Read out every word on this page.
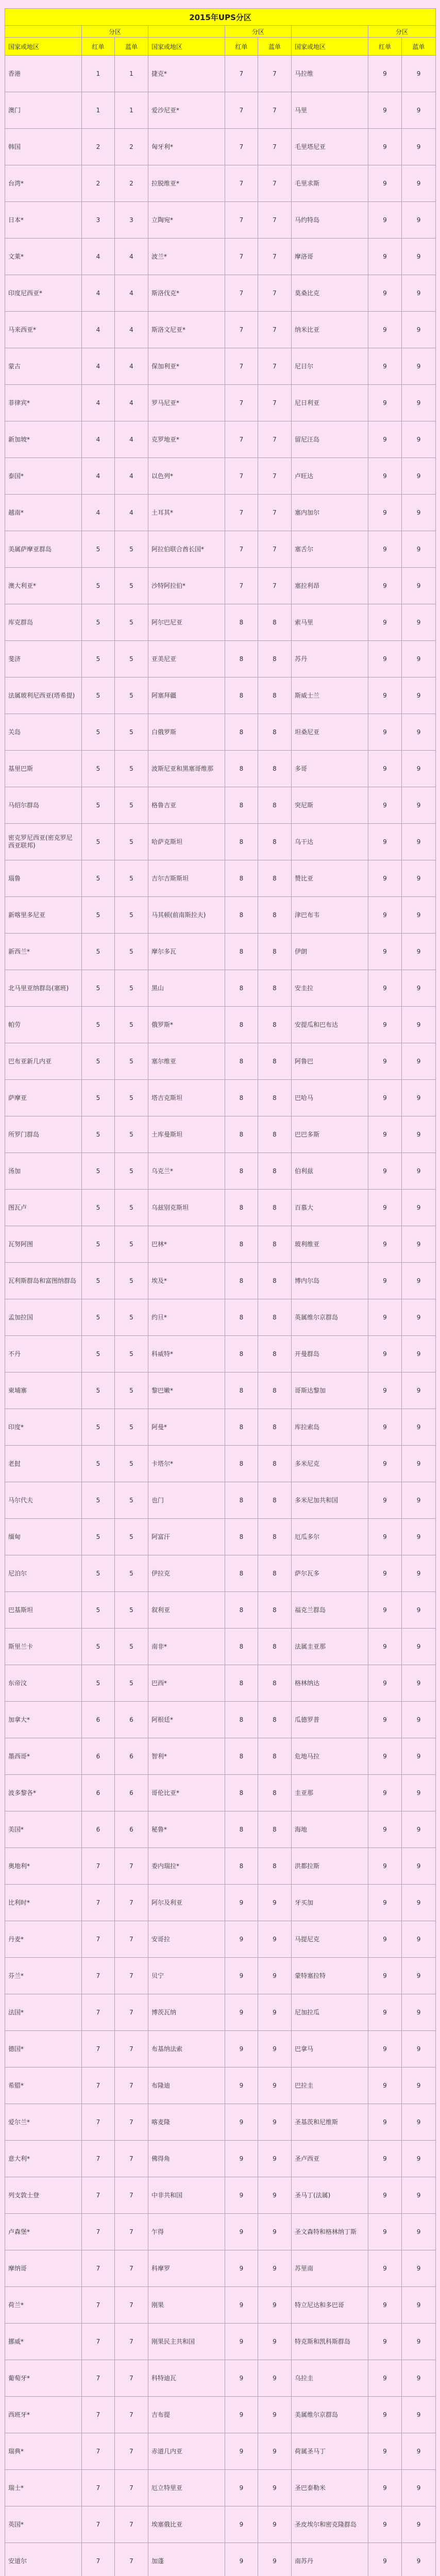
2015年UPS分区								
	分区			分区			分区	
国家或地区	红单	蓝单	国家或地区	红单	蓝单	国家或地区	红单	蓝单
香港	1	1	捷克*	7	7	马拉维	9	9
澳门	1	1	爱沙尼亚*	7	7	马里	9	9
韩国	2	2	匈牙利*	7	7	毛里塔尼亚	9	9
台湾*	2	2	拉脱维亚*	7	7	毛里求斯	9	9
日本*	3	3	立陶宛*	7	7	马约特岛	9	9
文莱*	4	4	波兰*	7	7	摩洛哥	9	9
印度尼西亚*	4	4	斯洛伐克*	7	7	莫桑比克	9	9
马来西亚*	4	4	斯洛文尼亚*	7	7	纳米比亚	9	9
蒙古	4	4	保加利亚*	7	7	尼日尔	9	9
菲律宾*	4	4	罗马尼亚*	7	7	尼日利亚	9	9
新加坡*	4	4	克罗地亚*	7	7	留尼汪岛	9	9
泰国*	4	4	以色列*	7	7	卢旺达	9	9
越南*	4	4	土耳其*	7	7	塞内加尔	9	9
美属萨摩亚群岛	5	5	阿拉伯联合酋长国*	7	7	塞舌尔	9	9
澳大利亚*	5	5	沙特阿拉伯*	7	7	塞拉利昂	9	9
库克群岛	5	5	阿尔巴尼亚	8	8	索马里	9	9
斐济	5	5	亚美尼亚	8	8	苏丹	9	9
法属玻利尼西亚(塔希提)	5	5	阿塞拜疆	8	8	斯威士兰	9	9
关岛	5	5	白俄罗斯	8	8	坦桑尼亚	9	9
基里巴斯	5	5	波斯尼亚和黑塞哥维那	8	8	多哥	9	9
马绍尔群岛	5	5	格鲁吉亚	8	8	突尼斯	9	9
密克罗尼西亚(密克罗尼西亚联邦)	5	5	哈萨克斯坦	8	8	乌干达	9	9
瑙鲁	5	5	吉尔吉斯斯坦	8	8	赞比亚	9	9
新喀里多尼亚	5	5	马其顿(前南斯拉夫)	8	8	津巴布韦	9	9
新西兰*	5	5	摩尔多瓦	8	8	伊朗	9	9
北马里亚纳群岛(塞班)	5	5	黑山	8	8	安圭拉	9	9
帕劳	5	5	俄罗斯*	8	8	安提瓜和巴布达	9	9
巴布亚新几内亚	5	5	塞尔维亚	8	8	阿鲁巴	9	9
萨摩亚	5	5	塔吉克斯坦	8	8	巴哈马	9	9
所罗门群岛	5	5	土库曼斯坦	8	8	巴巴多斯	9	9
汤加	5	5	乌克兰*	8	8	伯利兹	9	9
图瓦卢	5	5	乌兹别克斯坦	8	8	百慕大	9	9
瓦努阿图	5	5	巴林*	8	8	玻利维亚	9	9
瓦利斯群岛和富图纳群岛	5	5	埃及*	8	8	博内尔岛	9	9
孟加拉国	5	5	约旦*	8	8	英属维尔京群岛	9	9
不丹	5	5	科威特*	8	8	开曼群岛	9	9
柬埔寨	5	5	黎巴嫩*	8	8	哥斯达黎加	9	9
印度*	5	5	阿曼*	8	8	库拉索岛	9	9
老挝	5	5	卡塔尔*	8	8	多米尼克	9	9
马尔代夫	5	5	也门	8	8	多米尼加共和国	9	9
缅甸	5	5	阿富汗	8	8	厄瓜多尔	9	9
尼泊尔	5	5	伊拉克	8	8	萨尔瓦多	9	9
巴基斯坦	5	5	叙利亚	8	8	福克兰群岛	9	9
斯里兰卡	5	5	南非*	8	8	法属圭亚那	9	9
东帝汶	5	5	巴西*	8	8	格林纳达	9	9
加拿大*	6	6	阿根廷*	8	8	瓜德罗普	9	9
墨西哥*	6	6	智利*	8	8	危地马拉	9	9
波多黎各*	6	6	哥伦比亚*	8	8	圭亚那	9	9
美国*	6	6	秘鲁*	8	8	海地	9	9
奥地利*	7	7	委内瑞拉*	8	8	洪都拉斯	9	9
比利时*	7	7	阿尔及利亚	9	9	牙买加	9	9
丹麦*	7	7	安哥拉	9	9	马提尼克	9	9
芬兰*	7	7	贝宁	9	9	蒙特塞拉特	9	9
法国*	7	7	博茨瓦纳	9	9	尼加拉瓜	9	9
德国*	7	7	布基纳法索	9	9	巴拿马	9	9
希腊*	7	7	布隆迪	9	9	巴拉圭	9	9
爱尔兰*	7	7	喀麦隆	9	9	圣基茨和尼维斯	9	9
意大利*	7	7	佛得角	9	9	圣卢西亚	9	9
列支敦士登	7	7	中非共和国	9	9	圣马丁(法属)	9	9
卢森堡*	7	7	乍得	9	9	圣文森特和格林纳丁斯	9	9
摩纳哥	7	7	科摩罗	9	9	苏里南	9	9
荷兰*	7	7	刚果	9	9	特立尼达和多巴哥	9	9
挪威*	7	7	刚果民主共和国	9	9	特克斯和凯科斯群岛	9	9
葡萄牙*	7	7	科特迪瓦	9	9	乌拉圭	9	9
西班牙*	7	7	吉布提	9	9	美属维尔京群岛	9	9
瑞典*	7	7	赤道几内亚	9	9	荷属圣马丁	9	9
瑞士*	7	7	厄立特里亚	9	9	圣巴泰勒米	9	9
英国*	7	7	埃塞俄比亚	9	9	圣皮埃尔和密克隆群岛	9	9
安道尔	7	7	加蓬	9	9	南苏丹	9	9
